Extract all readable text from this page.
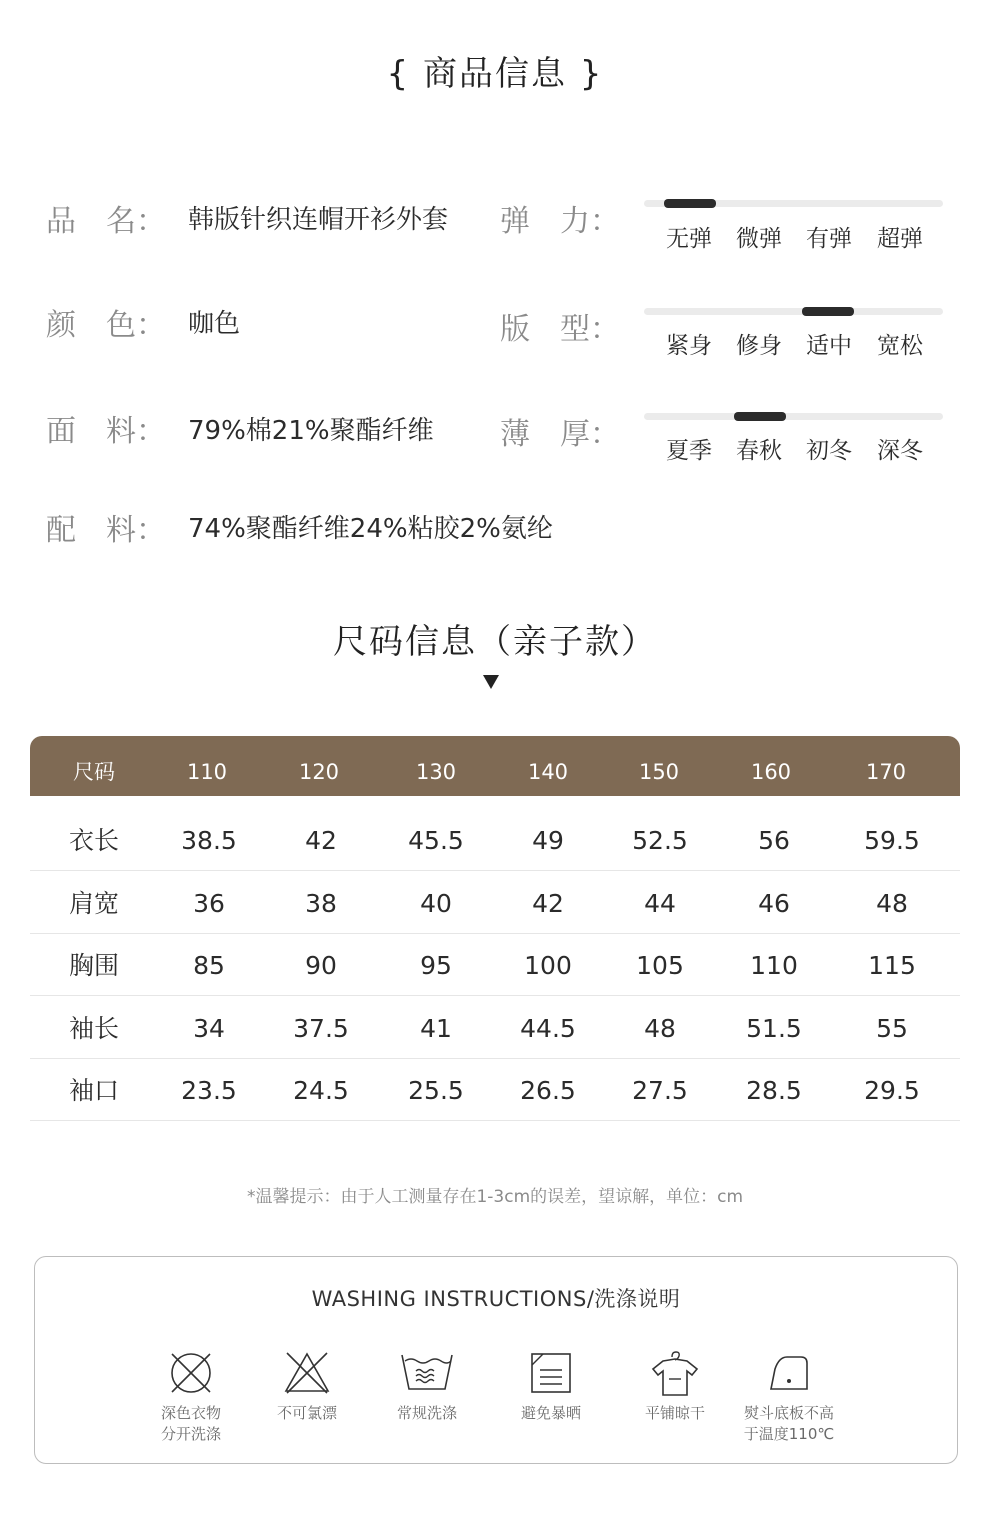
{ 商品信息 }
品　名： 韩版针织连帽开衫外套
颜　色： 咖色
面　料： 79%棉21%聚酯纤维
配　料： 74%聚酯纤维24%粘胶2%氨纶
弹　力：	无弹	微弹	有弹	超弹
版　型：	紧身	修身	适中	宽松
薄　厚：	夏季	春秋	初冬	深冬
尺码信息（亲子款）
尺码	110	120	130	140	150	160	170
衣长	38.5	42	45.5	49	52.5	56	59.5
肩宽	36	38	40	42	44	46	48
胸围	85	90	95	100	105	110	115
袖长	34	37.5	41	44.5	48	51.5	55
袖口	23.5	24.5	25.5	26.5	27.5	28.5	29.5
*温馨提示：由于人工测量存在1-3cm的误差，望谅解，单位：cm
WASHING INSTRUCTIONS/洗涤说明
深色衣物
分开洗涤
不可氯漂	常规洗涤	避免暴晒	平铺晾干	熨斗底板不高
于温度110℃
